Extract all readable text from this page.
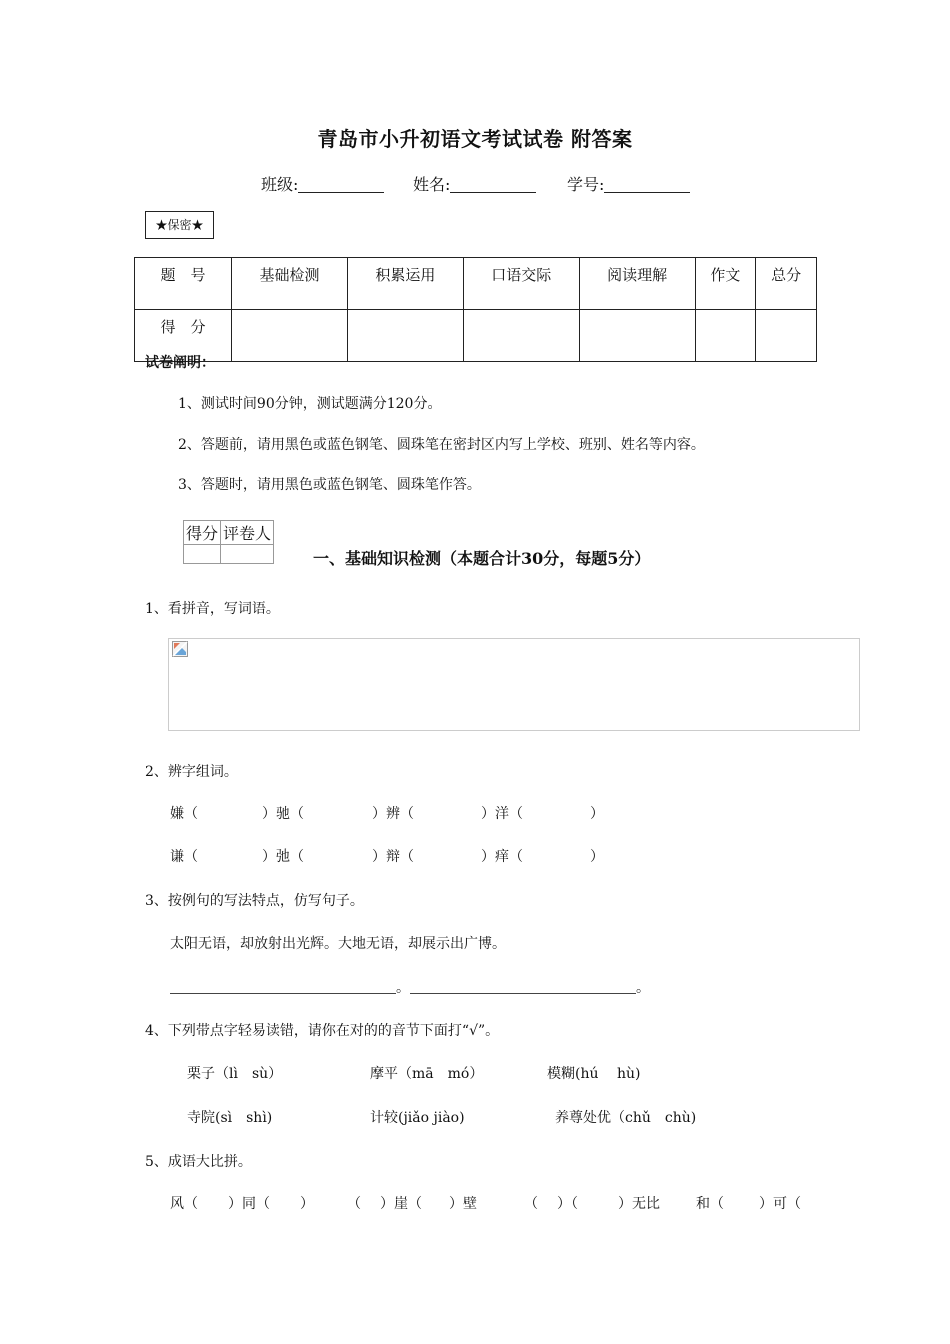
青岛市小升初语文考试试卷 附答案
班级:	姓名:	学号:
★保密★
题　号	基础检测	积累运用	口语交际	阅读理解	作文	总分
得　分						
试卷阐明：
1、测试时间90分钟，测试题满分120分。
2、答题前，请用黑色或蓝色钢笔、圆珠笔在密封区内写上学校、班别、姓名等内容。
3、答题时，请用黑色或蓝色钢笔、圆珠笔作答。
得分	评卷人

一、基础知识检测（本题合计30分，每题5分）
1、看拼音，写词语。
2、辨字组词。
嫌（	）驰（	）辨（	）洋（	）
谦（	）弛（	）辩（	）痒（	）
3、按例句的写法特点，仿写句子。
太阳无语，却放射出光辉。大地无语，却展示出广博。
。	。
4、下列带点字轻易读错，请你在对的的音节下面打“√”。
栗子（lì　sù）	摩平（mā　mó）	模糊(hú　 hù)
寺院(sì　shì)	计较(jiǎo jiào)	养尊处优（chǔ　chù)
5、成语大比拼。
风（ ）同（ ） （ ）崖（ ）壁	（ ）（	）无比	和（	）可（
